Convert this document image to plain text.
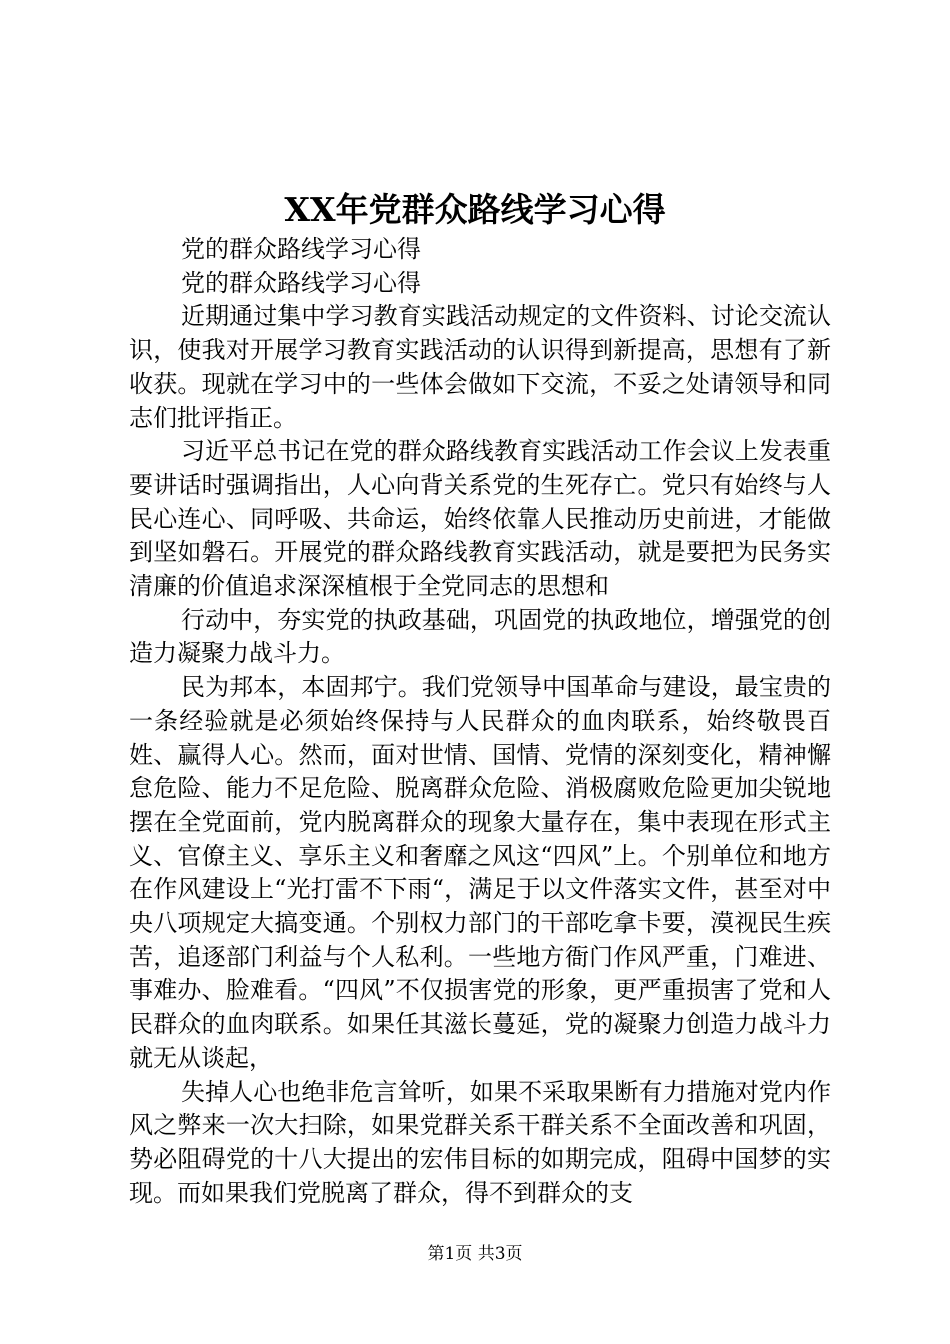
XX年党群众路线学习心得

党的群众路线学习心得

党的群众路线学习心得

近期通过集中学习教育实践活动规定的文件资料、讨论交流认识，使我对开展学习教育实践活动的认识得到新提高，思想有了新收获。现就在学习中的一些体会做如下交流，不妥之处请领导和同志们批评指正。

习近平总书记在党的群众路线教育实践活动工作会议上发表重要讲话时强调指出，人心向背关系党的生死存亡。党只有始终与人民心连心、同呼吸、共命运，始终依靠人民推动历史前进，才能做到坚如磐石。开展党的群众路线教育实践活动，就是要把为民务实清廉的价值追求深深植根于全党同志的思想和

行动中，夯实党的执政基础，巩固党的执政地位，增强党的创造力凝聚力战斗力。

民为邦本，本固邦宁。我们党领导中国革命与建设，最宝贵的一条经验就是必须始终保持与人民群众的血肉联系，始终敬畏百姓、赢得人心。然而，面对世情、国情、党情的深刻变化，精神懈怠危险、能力不足危险、脱离群众危险、消极腐败危险更加尖锐地摆在全党面前，党内脱离群众的现象大量存在，集中表现在形式主义、官僚主义、享乐主义和奢靡之风这“四风”上。个别单位和地方在作风建设上“光打雷不下雨“，满足于以文件落实文件，甚至对中央八项规定大搞变通。个别权力部门的干部吃拿卡要，漠视民生疾苦，追逐部门利益与个人私利。一些地方衙门作风严重，门难进、事难办、脸难看。“四风”不仅损害党的形象，更严重损害了党和人民群众的血肉联系。如果任其滋长蔓延，党的凝聚力创造力战斗力就无从谈起，

失掉人心也绝非危言耸听，如果不采取果断有力措施对党内作风之弊来一次大扫除，如果党群关系干群关系不全面改善和巩固，势必阻碍党的十八大提出的宏伟目标的如期完成，阻碍中国梦的实现。而如果我们党脱离了群众，得不到群众的支

第1页 共3页
